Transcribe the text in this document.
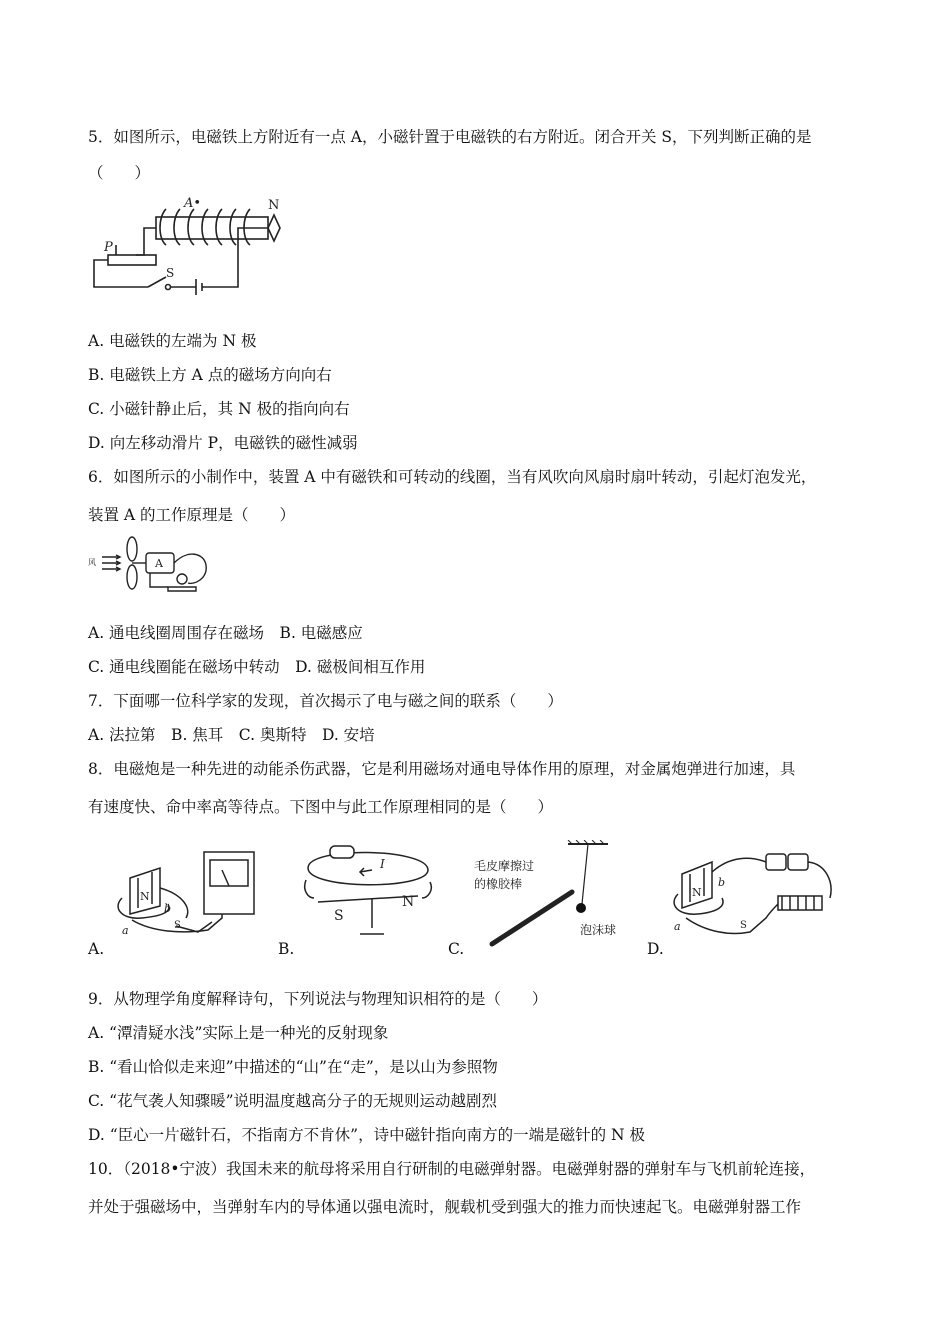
5．如图所示，电磁铁上方附近有一点 A，小磁针置于电磁铁的右方附近。闭合开关 S，下列判断正确的是
（　　）
A•	N
P
S
A. 电磁铁的左端为 N 极
B. 电磁铁上方 A 点的磁场方向向右
C. 小磁针静止后，其 N 极的指向向右
D. 向左移动滑片 P，电磁铁的磁性减弱
6．如图所示的小制作中，装置 A 中有磁铁和可转动的线圈，当有风吹向风扇时扇叶转动，引起灯泡发光，
装置 A 的工作原理是（　　）
风	A
A. 通电线圈周围存在磁场　B. 电磁感应
C. 通电线圈能在磁场中转动　D. 磁极间相互作用
7．下面哪一位科学家的发现，首次揭示了电与磁之间的联系（　　）
A. 法拉第　B. 焦耳　C. 奥斯特　D. 安培
8．电磁炮是一种先进的动能杀伤武器，它是利用磁场对通电导体作用的原理，对金属炮弹进行加速，具
有速度快、命中率高等待点。下图中与此工作原理相同的是（　　）
N
b
a	S
I
S
N
毛皮摩擦过
的橡胶棒
泡沫球
N
b
a	S
A.	B.	C.	D.
9．从物理学角度解释诗句，下列说法与物理知识相符的是（　　）
A. “潭清疑水浅”实际上是一种光的反射现象
B. “看山恰似走来迎”中描述的“山”在“走”，是以山为参照物
C. “花气袭人知骤暖”说明温度越高分子的无规则运动越剧烈
D. “臣心一片磁针石，不指南方不肯休”，诗中磁针指向南方的一端是磁针的 N 极
10．（2018•宁波）我国未来的航母将采用自行研制的电磁弹射器。电磁弹射器的弹射车与飞机前轮连接，
并处于强磁场中，当弹射车内的导体通以强电流时，舰载机受到强大的推力而快速起飞。电磁弹射器工作
